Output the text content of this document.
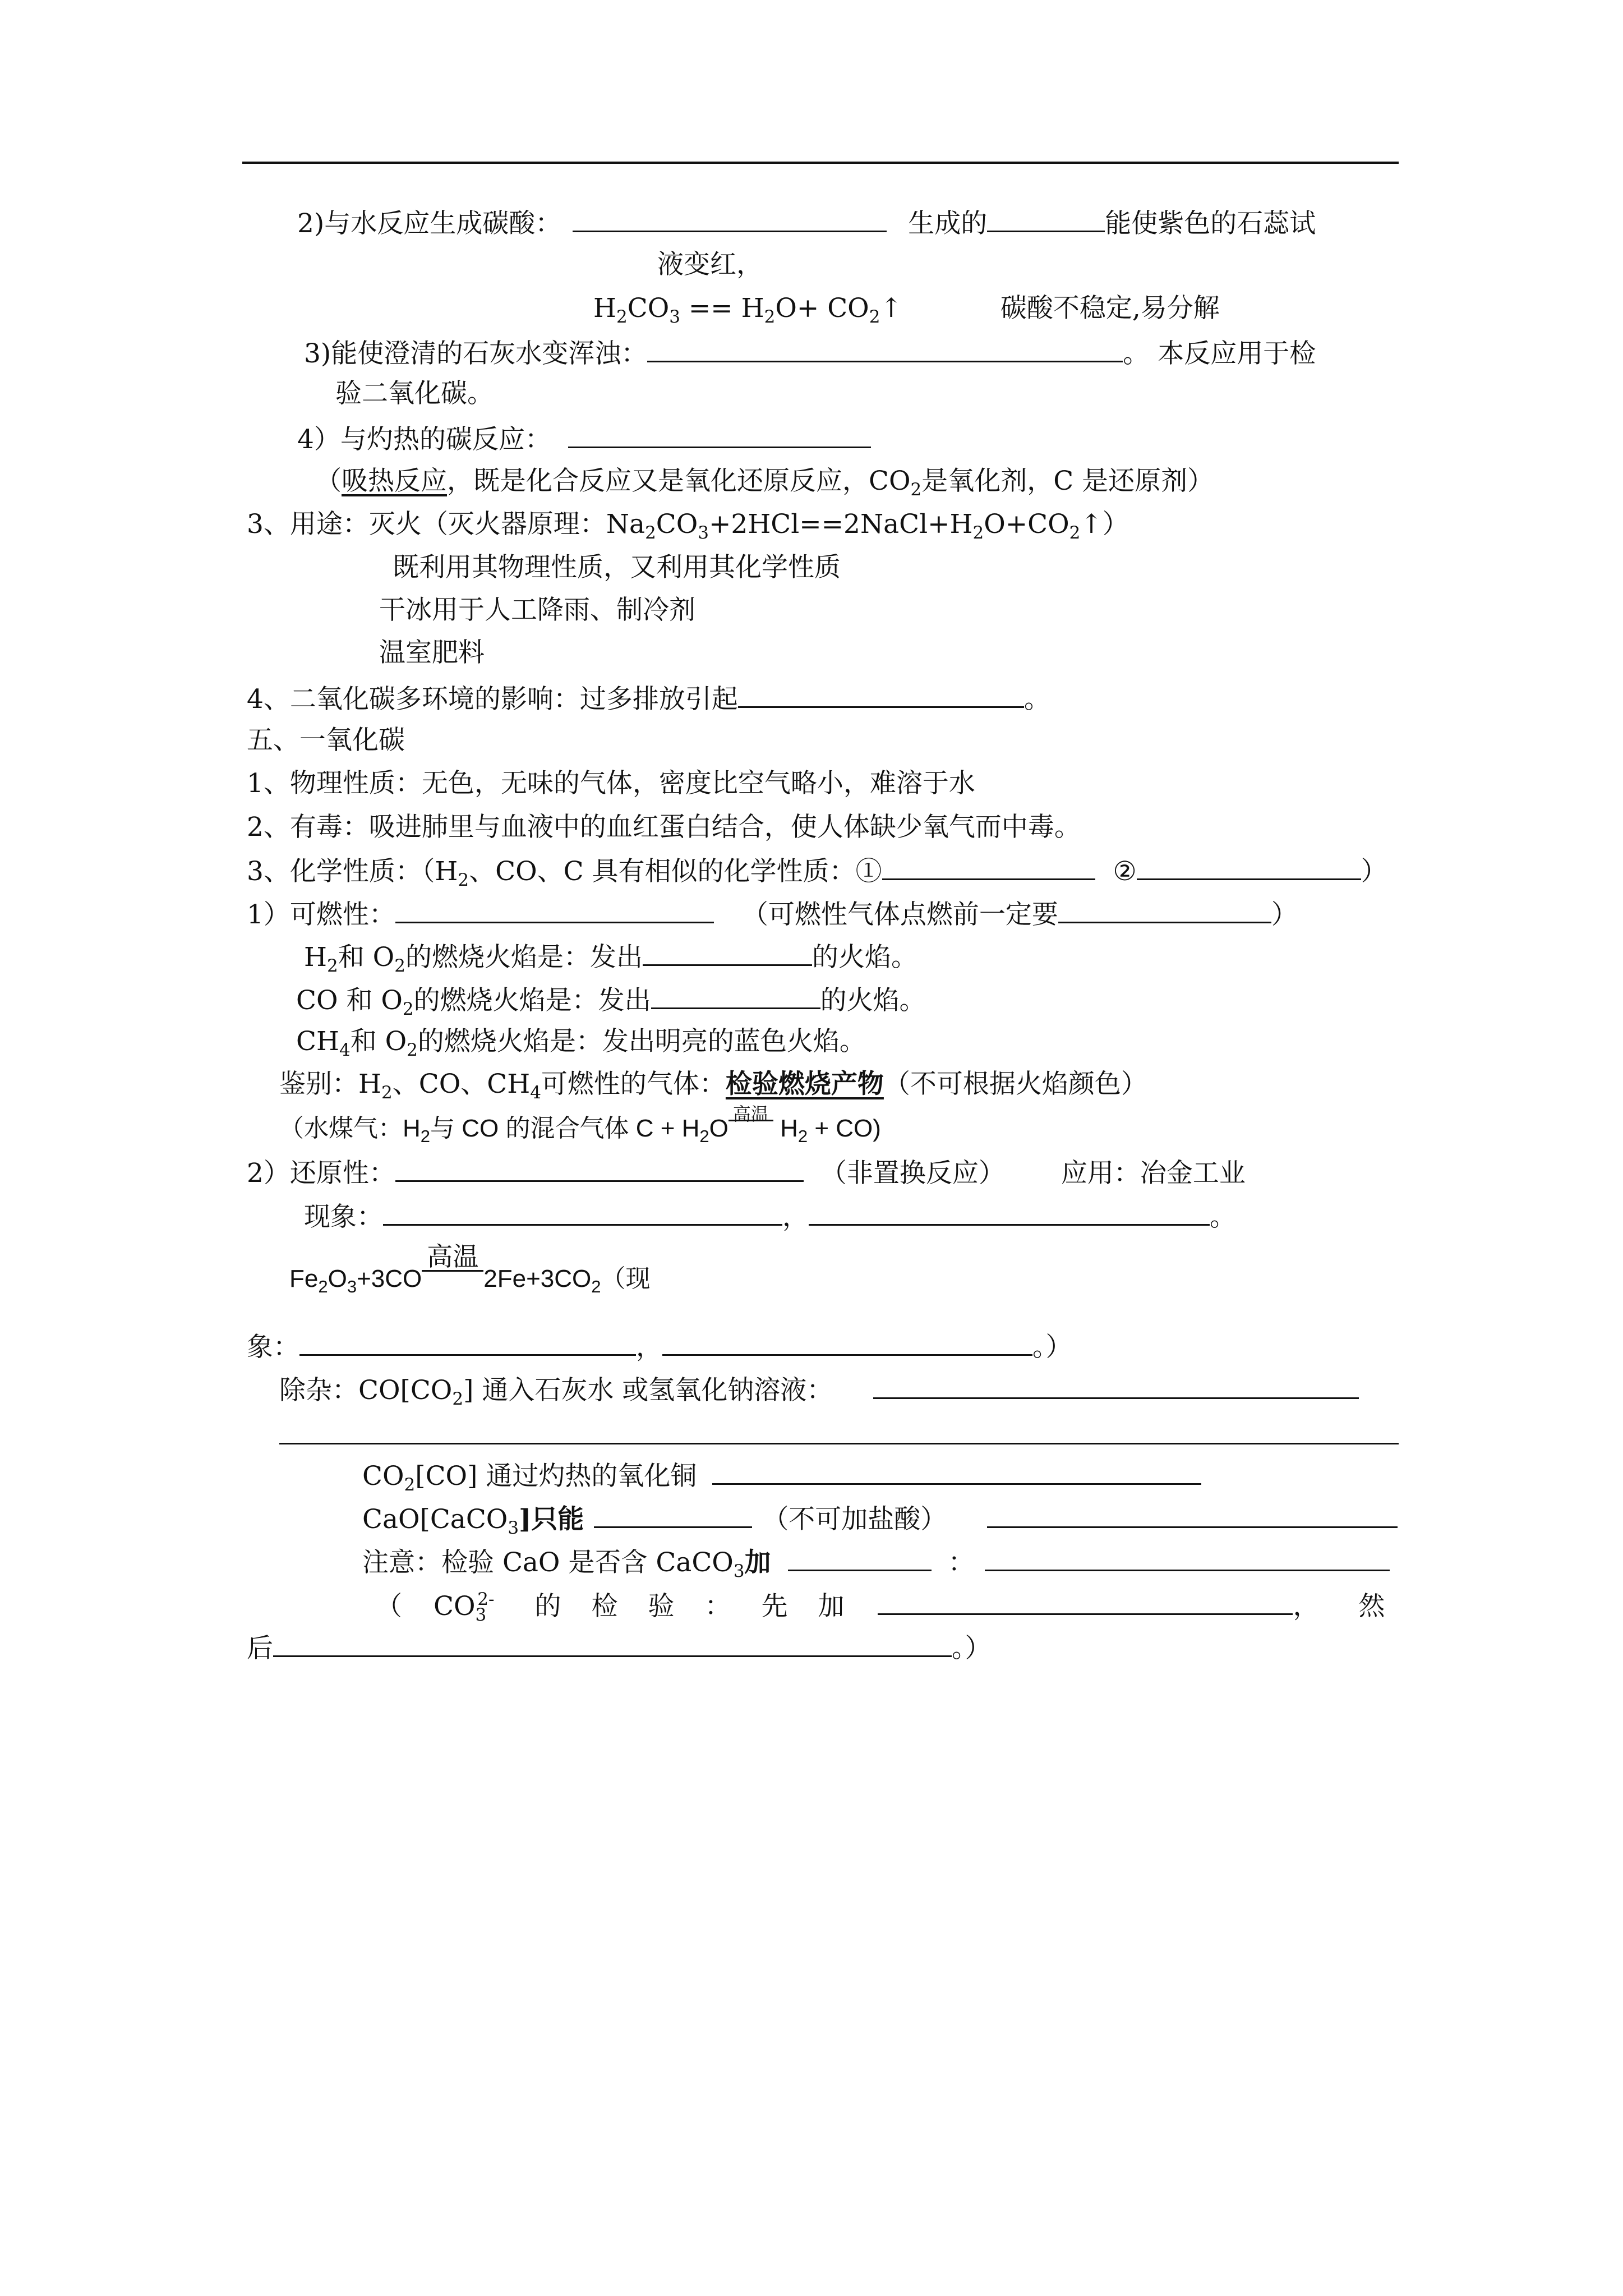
2)与水反应生成碳酸：	生成的	能使紫色的石蕊试
液变红，
$H_2CO_3 == H_2O+$ $CO_2↑$	碳酸不稳定,易分解
3)能使澄清的石灰水变浑浊：	。 本反应用于检
验二氧化碳。
4）与灼热的碳反应：
（吸热反应，既是化合反应又是氧化还原反应，$CO_2$是氧化剂，C 是还原剂）
3、用途：灭火（灭火器原理：$Na_2CO_3+2HCl==2NaCl+H_2O+CO_2↑$）
既利用其物理性质，又利用其化学性质
干冰用于人工降雨、制冷剂
温室肥料
4、二氧化碳多环境的影响：过多排放引起	。
五、一氧化碳
1、物理性质：无色，无味的气体，密度比空气略小，难溶于水
2、有毒：吸进肺里与血液中的血红蛋白结合，使人体缺少氧气而中毒。
3、化学性质：（$H_2$、CO、C 具有相似的化学性质：①	②	）
1）可燃性：	（可燃性气体点燃前一定要	）
$H_2$和 $O_2$的燃烧火焰是：发出	的火焰。
CO 和 $O_2$的燃烧火焰是：发出	的火焰。
$CH_4$和 $O_2$的燃烧火焰是：发出明亮的蓝色火焰。
鉴别：$H_2$、CO、$CH_4$可燃性的气体：检验燃烧产物（不可根据火焰颜色）
（水煤气：$H_2$与 CO 的混合气体 $C + H_2O$
高温
$H_2 + CO$)
2）还原性：	（非置换反应） 应用：冶金工业
现象：	，	。
$Fe_2O_3+3CO$
高温
$2Fe+3CO_2$（现
象：	，	。）
除杂：$CO[CO_2]$ 通入石灰水 或氢氧化钠溶液：
$CO_2[CO]$ 通过灼热的氧化铜
CaO[CaCO$_3$]只能	（不可加盐酸）
注意：检验 CaO 是否含 CaCO$_3$加	：
（ $CO_3^{2-}$ 的 检 验 ： 先 加	， 然
后	。）
